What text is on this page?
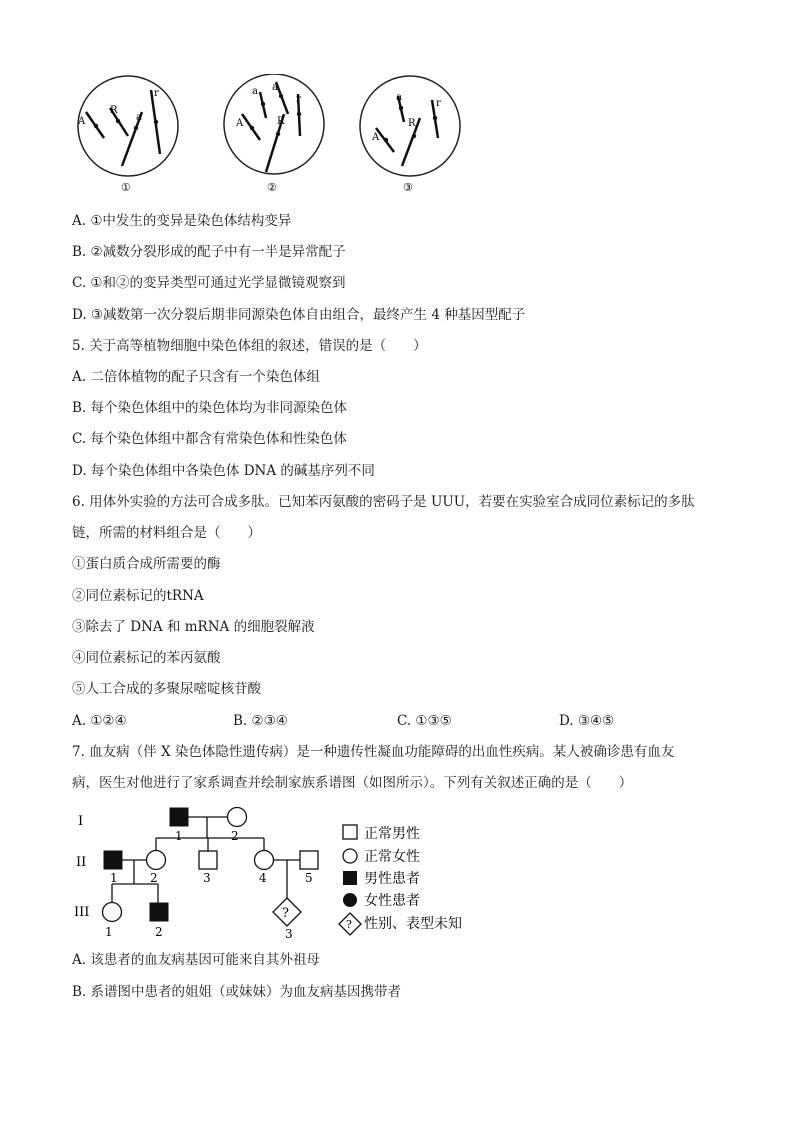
A
R
a
r	a a
r
A	R
a
r
A
R
①	②	③
A. ①中发生的变异是染色体结构变异
B. ②减数分裂形成的配子中有一半是异常配子
C. ①和②的变异类型可通过光学显微镜观察到
D. ③减数第一次分裂后期非同源染色体自由组合，最终产生 4 种基因型配子
5. 关于高等植物细胞中染色体组的叙述，错误的是（　　）
A. 二倍体植物的配子只含有一个染色体组
B. 每个染色体组中的染色体均为非同源染色体
C. 每个染色体组中都含有常染色体和性染色体
D. 每个染色体组中各染色体 DNA 的碱基序列不同
6. 用体外实验的方法可合成多肽。已知苯丙氨酸的密码子是 UUU，若要在实验室合成同位素标记的多肽
链，所需的材料组合是（　　）
①蛋白质合成所需要的酶
②同位素标记的tRNA
③除去了 DNA 和 mRNA 的细胞裂解液
④同位素标记的苯丙氨酸
⑤人工合成的多聚尿嘧啶核苷酸
A. ①②④	B. ②③④	C. ①③⑤	D. ③④⑤
7. 血友病（伴 X 染色体隐性遗传病）是一种遗传性凝血功能障碍的出血性疾病。某人被确诊患有血友
病，医生对他进行了家系调查并绘制家族系谱图（如图所示）。下列有关叙述正确的是（　　）
I
II
III
1	2
1	2	3	4	5
?
1	2	3
正常男性
正常女性
男性患者
女性患者
? 性别、表型未知
A. 该患者的血友病基因可能来自其外祖母
B. 系谱图中患者的姐姐（或妹妹）为血友病基因携带者
